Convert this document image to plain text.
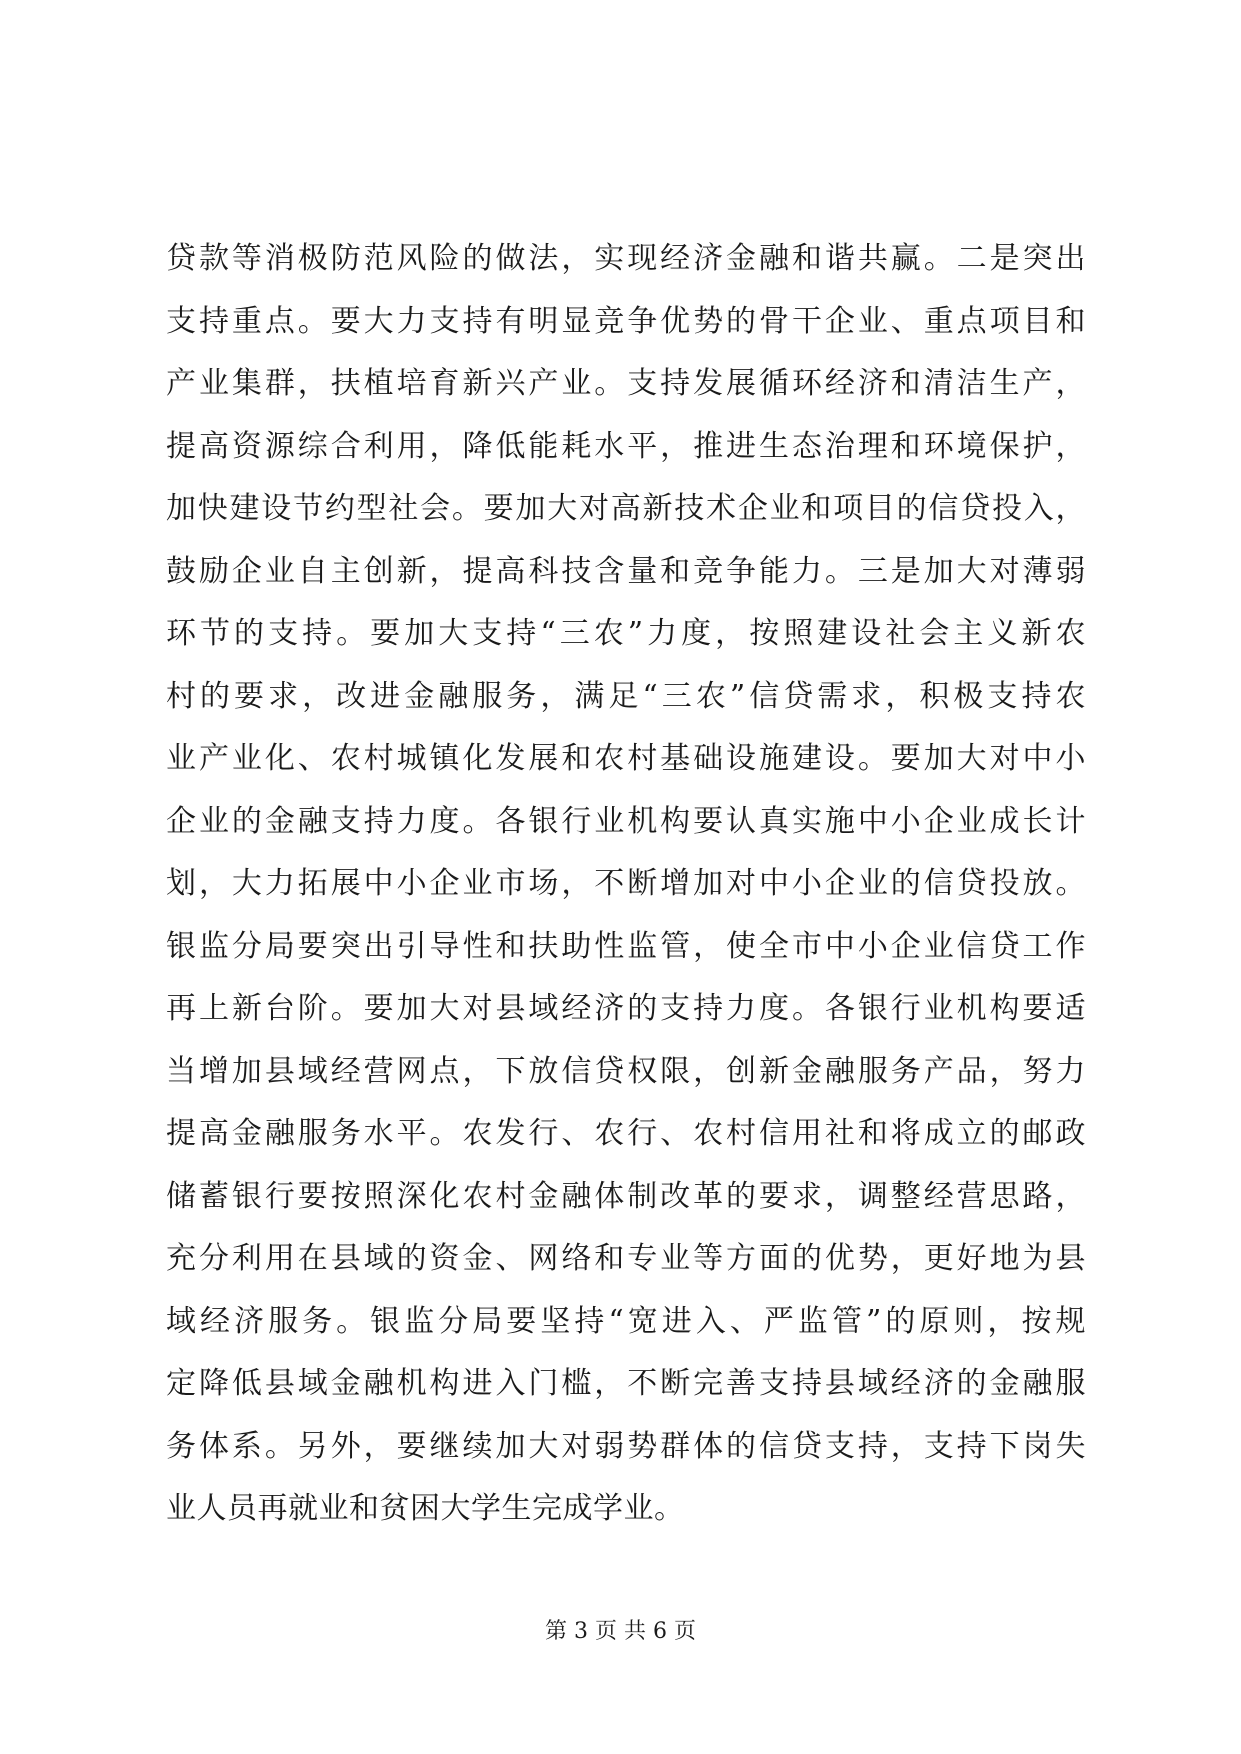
贷款等消极防范风险的做法，实现经济金融和谐共赢。二是突出
支持重点。要大力支持有明显竞争优势的骨干企业、重点项目和
产业集群，扶植培育新兴产业。支持发展循环经济和清洁生产，
提高资源综合利用，降低能耗水平，推进生态治理和环境保护，
加快建设节约型社会。要加大对高新技术企业和项目的信贷投入，
鼓励企业自主创新，提高科技含量和竞争能力。三是加大对薄弱
环节的支持。要加大支持“三农”力度，按照建设社会主义新农
村的要求，改进金融服务，满足“三农”信贷需求，积极支持农
业产业化、农村城镇化发展和农村基础设施建设。要加大对中小
企业的金融支持力度。各银行业机构要认真实施中小企业成长计
划，大力拓展中小企业市场，不断增加对中小企业的信贷投放。
银监分局要突出引导性和扶助性监管，使全市中小企业信贷工作
再上新台阶。要加大对县域经济的支持力度。各银行业机构要适
当增加县域经营网点，下放信贷权限，创新金融服务产品，努力
提高金融服务水平。农发行、农行、农村信用社和将成立的邮政
储蓄银行要按照深化农村金融体制改革的要求，调整经营思路，
充分利用在县域的资金、网络和专业等方面的优势，更好地为县
域经济服务。银监分局要坚持“宽进入、严监管”的原则，按规
定降低县域金融机构进入门槛，不断完善支持县域经济的金融服
务体系。另外，要继续加大对弱势群体的信贷支持，支持下岗失
业人员再就业和贫困大学生完成学业。
第 3 页 共 6 页
